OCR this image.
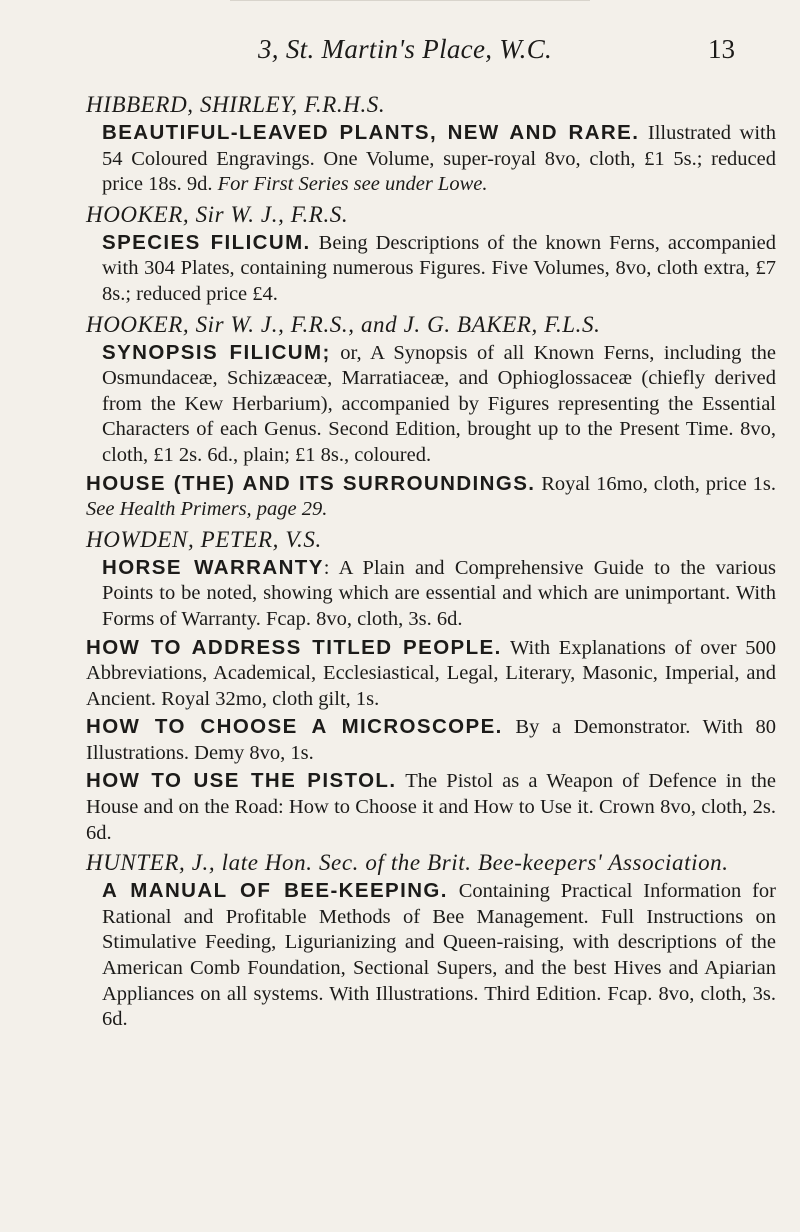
3, St. Martin's Place, W.C.	13
HIBBERD, SHIRLEY, F.R.H.S.

BEAUTIFUL-LEAVED PLANTS, NEW AND RARE. Illustrated with 54 Coloured Engravings. One Volume, super-royal 8vo, cloth, £1 5s.; reduced price 18s. 9d. For First Series see under Lowe.

HOOKER, Sir W. J., F.R.S.

SPECIES FILICUM. Being Descriptions of the known Ferns, accompanied with 304 Plates, containing numerous Figures. Five Volumes, 8vo, cloth extra, £7 8s.; reduced price £4.

HOOKER, Sir W. J., F.R.S., and J. G. BAKER, F.L.S.

SYNOPSIS FILICUM; or, A Synopsis of all Known Ferns, including the Osmundaceæ, Schizæaceæ, Marratiaceæ, and Ophioglossaceæ (chiefly derived from the Kew Herbarium), accompanied by Figures representing the Essential Characters of each Genus. Second Edition, brought up to the Present Time. 8vo, cloth, £1 2s. 6d., plain; £1 8s., coloured.

HOUSE (THE) AND ITS SURROUNDINGS. Royal 16mo, cloth, price 1s. See Health Primers, page 29.

HOWDEN, PETER, V.S.

HORSE WARRANTY: A Plain and Comprehensive Guide to the various Points to be noted, showing which are essential and which are unimportant. With Forms of Warranty. Fcap. 8vo, cloth, 3s. 6d.

HOW TO ADDRESS TITLED PEOPLE. With Explanations of over 500 Abbreviations, Academical, Ecclesiastical, Legal, Literary, Masonic, Imperial, and Ancient. Royal 32mo, cloth gilt, 1s.

HOW TO CHOOSE A MICROSCOPE. By a Demonstrator. With 80 Illustrations. Demy 8vo, 1s.

HOW TO USE THE PISTOL. The Pistol as a Weapon of Defence in the House and on the Road: How to Choose it and How to Use it. Crown 8vo, cloth, 2s. 6d.

HUNTER, J., late Hon. Sec. of the Brit. Bee-keepers' Association.

A MANUAL OF BEE-KEEPING. Containing Practical Information for Rational and Profitable Methods of Bee Management. Full Instructions on Stimulative Feeding, Ligurianizing and Queen-raising, with descriptions of the American Comb Foundation, Sectional Supers, and the best Hives and Apiarian Appliances on all systems. With Illustrations. Third Edition. Fcap. 8vo, cloth, 3s. 6d.
